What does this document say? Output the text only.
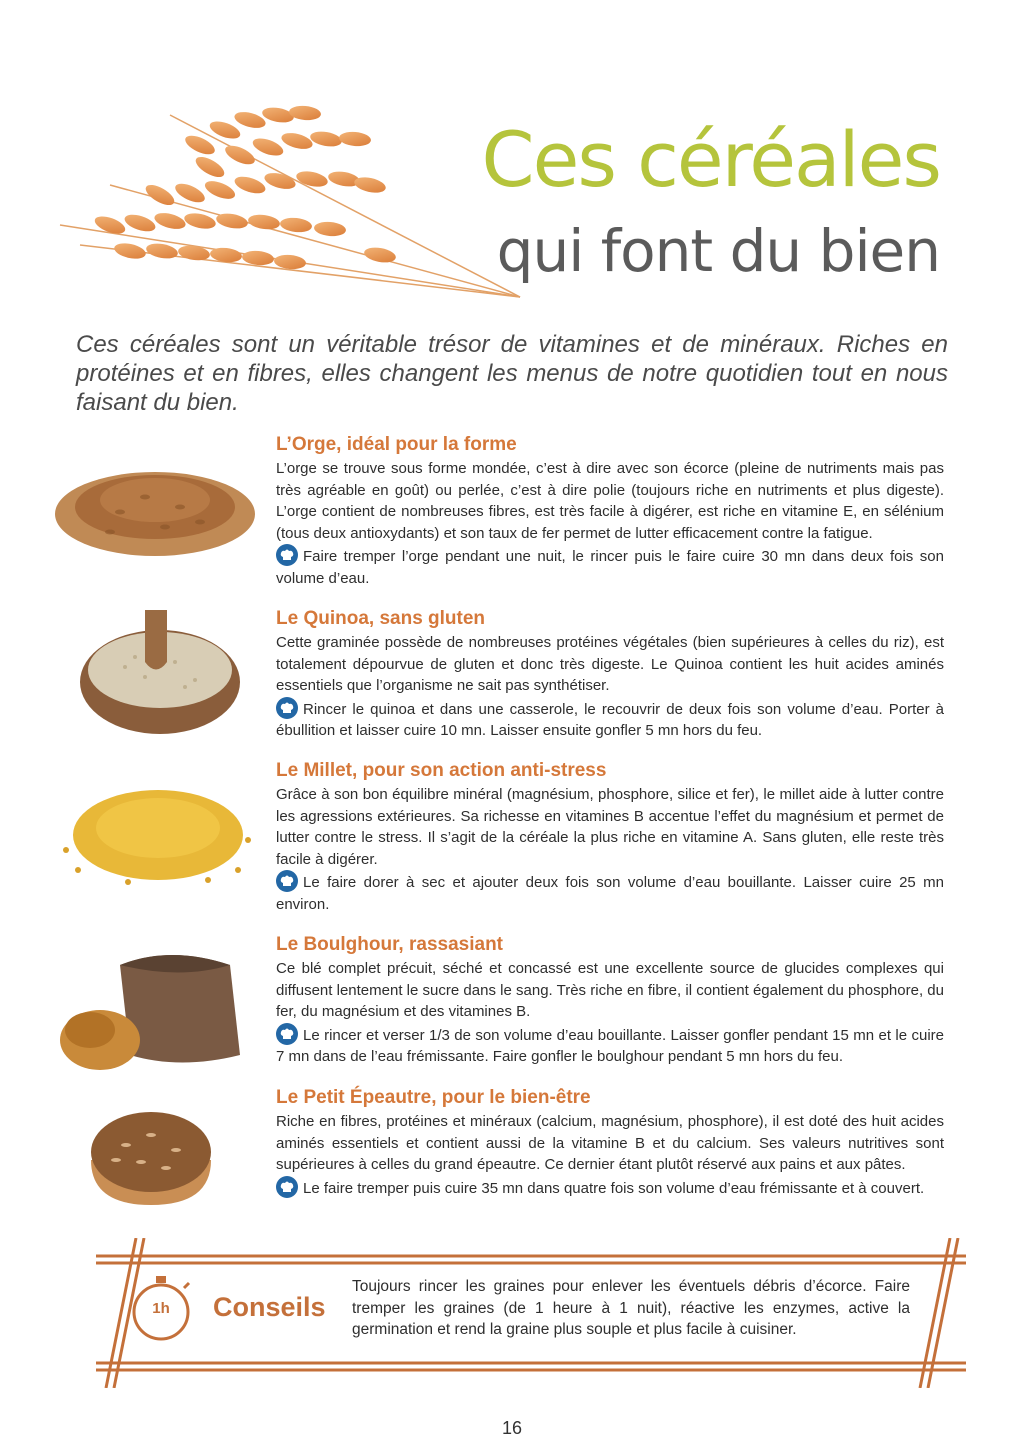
Ces céréales
qui font du bien

Ces céréales sont un véritable trésor de vitamines et de minéraux. Riches en protéines et en fibres, elles changent les menus de notre quotidien tout en nous faisant du bien.

L’Orge, idéal pour la forme

L’orge se trouve sous forme mondée, c’est à dire avec son écorce (pleine de nutriments mais pas très agréable en goût) ou perlée, c’est à dire polie (toujours riche en nutriments et plus digeste). L’orge contient de nombreuses fibres, est très facile à digérer, est riche en vitamine E, en sélénium (tous deux antioxydants) et son taux de fer permet de lutter efficacement contre la fatigue.

Faire tremper l’orge pendant une nuit, le rincer puis le faire cuire 30 mn dans deux fois son volume d’eau.

Le Quinoa, sans gluten

Cette graminée possède de nombreuses protéines végétales (bien supérieures à celles du riz), est totalement dépourvue de gluten et donc très digeste. Le Quinoa contient les huit acides aminés essentiels que l’organisme ne sait pas synthétiser.

Rincer le quinoa et dans une casserole, le recouvrir de deux fois son volume d’eau. Porter à ébullition et laisser cuire 10 mn. Laisser ensuite gonfler 5 mn hors du feu.

Le Millet, pour son action anti-stress

Grâce à son bon équilibre minéral (magnésium, phosphore, silice et fer), le millet aide à lutter contre les agressions extérieures. Sa richesse en vitamines B accentue l’effet du magnésium et permet de lutter contre le stress. Il s’agit de la céréale la plus riche en vitamine A. Sans gluten, elle reste très facile à digérer.

Le faire dorer à sec et ajouter deux fois son volume d’eau bouillante. Laisser cuire 25 mn environ.

Le Boulghour, rassasiant

Ce blé complet précuit, séché et concassé est une excellente source de glucides complexes qui diffusent lentement le sucre dans le sang. Très riche en fibre, il contient également du phosphore, du fer, du magnésium et des vitamines B.

Le rincer et verser 1/3 de son volume d’eau bouillante. Laisser gonfler pendant 15 mn et le cuire 7 mn dans de l’eau frémissante. Faire gonfler le boulghour pendant 5 mn hors du feu.

Le Petit Épeautre, pour le bien-être

Riche en fibres, protéines et minéraux (calcium, magnésium, phosphore), il est doté des huit acides aminés essentiels et contient aussi de la vitamine B et du calcium. Ses valeurs nutritives sont supérieures à celles du grand épeautre. Ce dernier étant plutôt réservé aux pains et aux pâtes.

Le faire tremper puis cuire 35 mn dans quatre fois son volume d’eau frémissante et à couvert.

1h	Conseils

Toujours rincer les graines pour enlever les éventuels débris d’écorce. Faire tremper les graines (de 1 heure à 1 nuit), réactive les enzymes, active la germination et rend la graine plus souple et plus facile à cuisiner.

16
